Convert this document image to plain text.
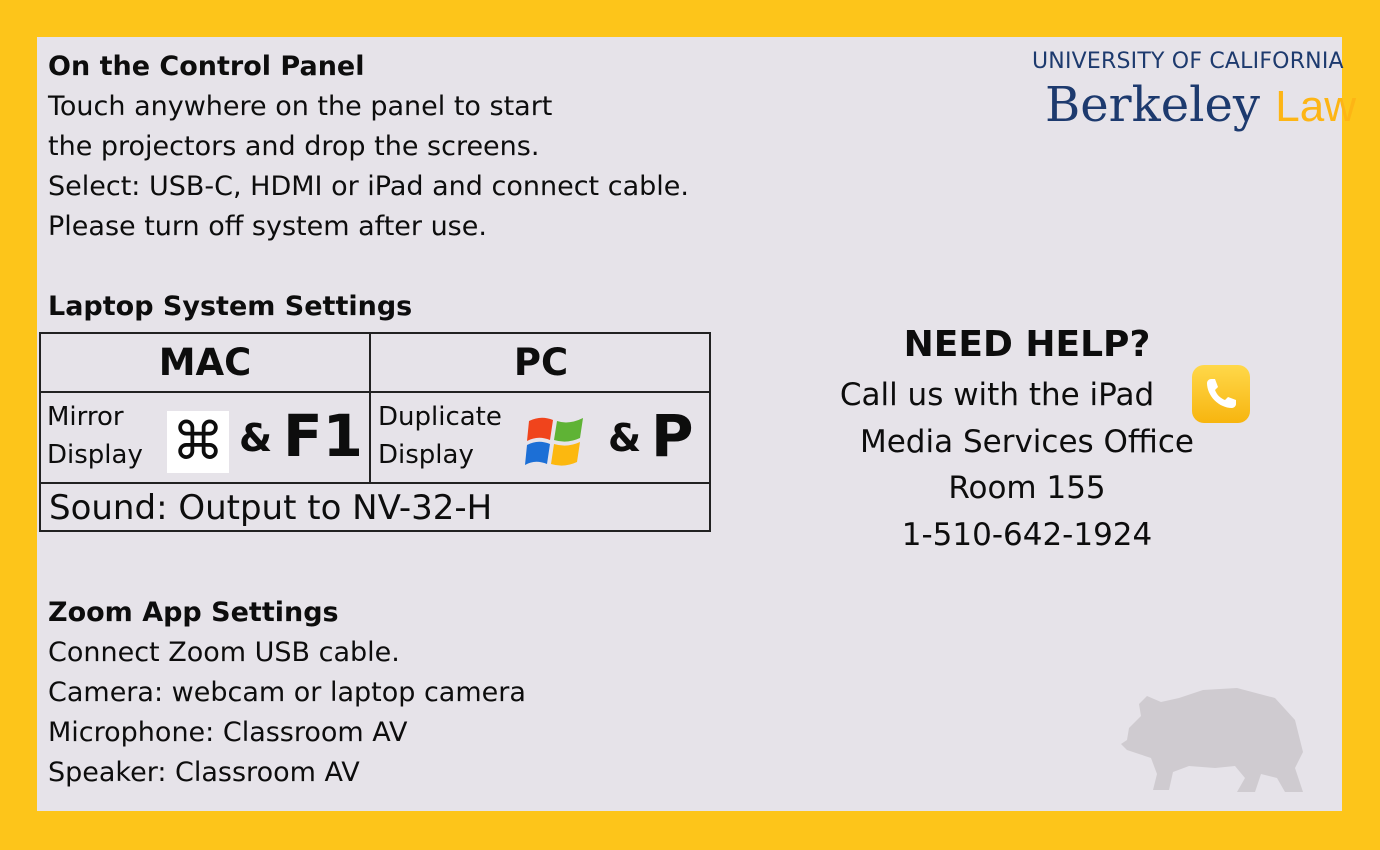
On the Control Panel
Touch anywhere on the panel to start
the projectors and drop the screens.
Select: USB-C, HDMI or iPad and connect cable.
Please turn off system after use.
Laptop System Settings
MAC	PC
Mirror
Display ⌘ & F1 Duplicate
Display	& P
Sound: Output to NV-32-H
Zoom App Settings
Connect Zoom USB cable.
Camera: webcam or laptop camera
Microphone: Classroom AV
Speaker: Classroom AV
UNIVERSITY OF CALIFORNIA
Berkeley Law
NEED HELP?
Call us with the iPad
Media Services Office
Room 155
1-510-642-1924
